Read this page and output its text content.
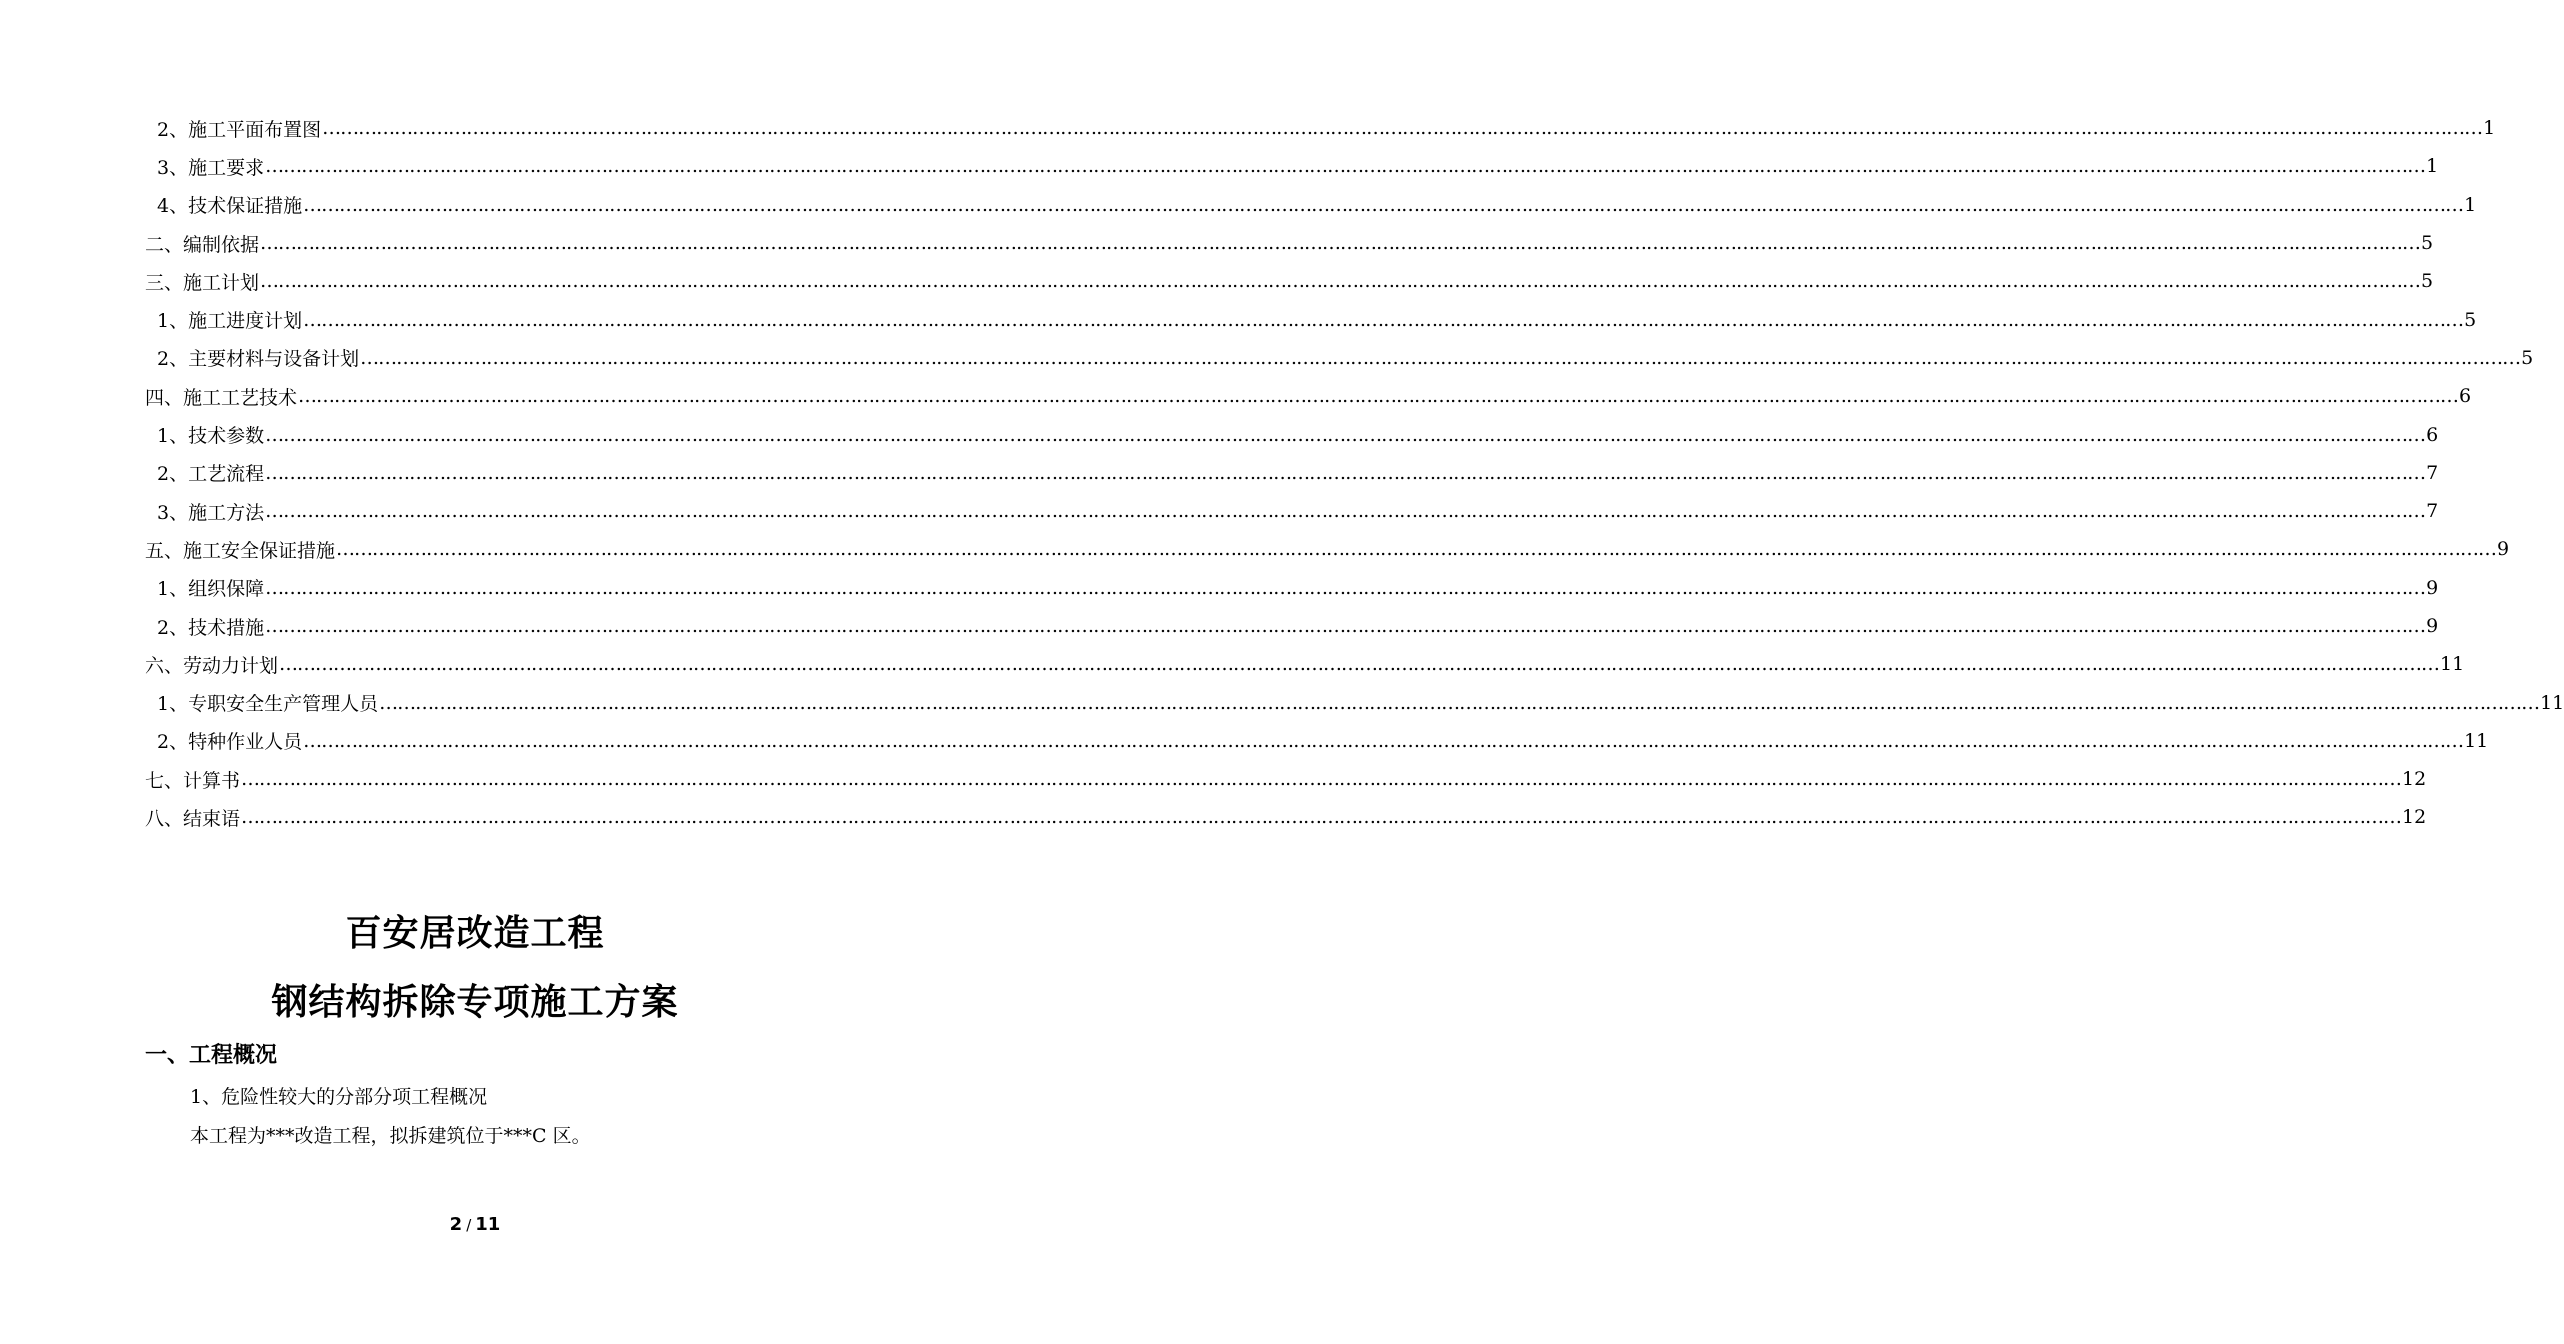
2、施工平面布置图 ……………………………………………………………………………………………………………………………………………………………………………………………………………………………………………………………………………………………………………………………… 1
3、施工要求 ……………………………………………………………………………………………………………………………………………………………………………………………………………………………………………………………………………………………………………………………… 1
4、技术保证措施 ……………………………………………………………………………………………………………………………………………………………………………………………………………………………………………………………………………………………………………………………… 1
二、编制依据 ……………………………………………………………………………………………………………………………………………………………………………………………………………………………………………………………………………………………………………………………… 5
三、施工计划 ……………………………………………………………………………………………………………………………………………………………………………………………………………………………………………………………………………………………………………………………… 5
1、施工进度计划 ……………………………………………………………………………………………………………………………………………………………………………………………………………………………………………………………………………………………………………………………… 5
2、主要材料与设备计划 ……………………………………………………………………………………………………………………………………………………………………………………………………………………………………………………………………………………………………………………………… 5
四、施工工艺技术 ……………………………………………………………………………………………………………………………………………………………………………………………………………………………………………………………………………………………………………………………… 6
1、技术参数 ……………………………………………………………………………………………………………………………………………………………………………………………………………………………………………………………………………………………………………………………… 6
2、工艺流程 ……………………………………………………………………………………………………………………………………………………………………………………………………………………………………………………………………………………………………………………………… 7
3、施工方法 ……………………………………………………………………………………………………………………………………………………………………………………………………………………………………………………………………………………………………………………………… 7
五、施工安全保证措施 ……………………………………………………………………………………………………………………………………………………………………………………………………………………………………………………………………………………………………………………………… 9
1、组织保障 ……………………………………………………………………………………………………………………………………………………………………………………………………………………………………………………………………………………………………………………………… 9
2、技术措施 ……………………………………………………………………………………………………………………………………………………………………………………………………………………………………………………………………………………………………………………………… 9
六、劳动力计划 ……………………………………………………………………………………………………………………………………………………………………………………………………………………………………………………………………………………………………………………………… 11
1、专职安全生产管理人员 ……………………………………………………………………………………………………………………………………………………………………………………………………………………………………………………………………………………………………………………………… 11
2、特种作业人员 ……………………………………………………………………………………………………………………………………………………………………………………………………………………………………………………………………………………………………………………………… 11
七、计算书 ……………………………………………………………………………………………………………………………………………………………………………………………………………………………………………………………………………………………………………………………… 12
八、结束语 ……………………………………………………………………………………………………………………………………………………………………………………………………………………………………………………………………………………………………………………………… 12
百安居改造工程
钢结构拆除专项施工方案
一、工程概况
1、危险性较大的分部分项工程概况
本工程为***改造工程，拟拆建筑位于***C 区。
2 / 11
